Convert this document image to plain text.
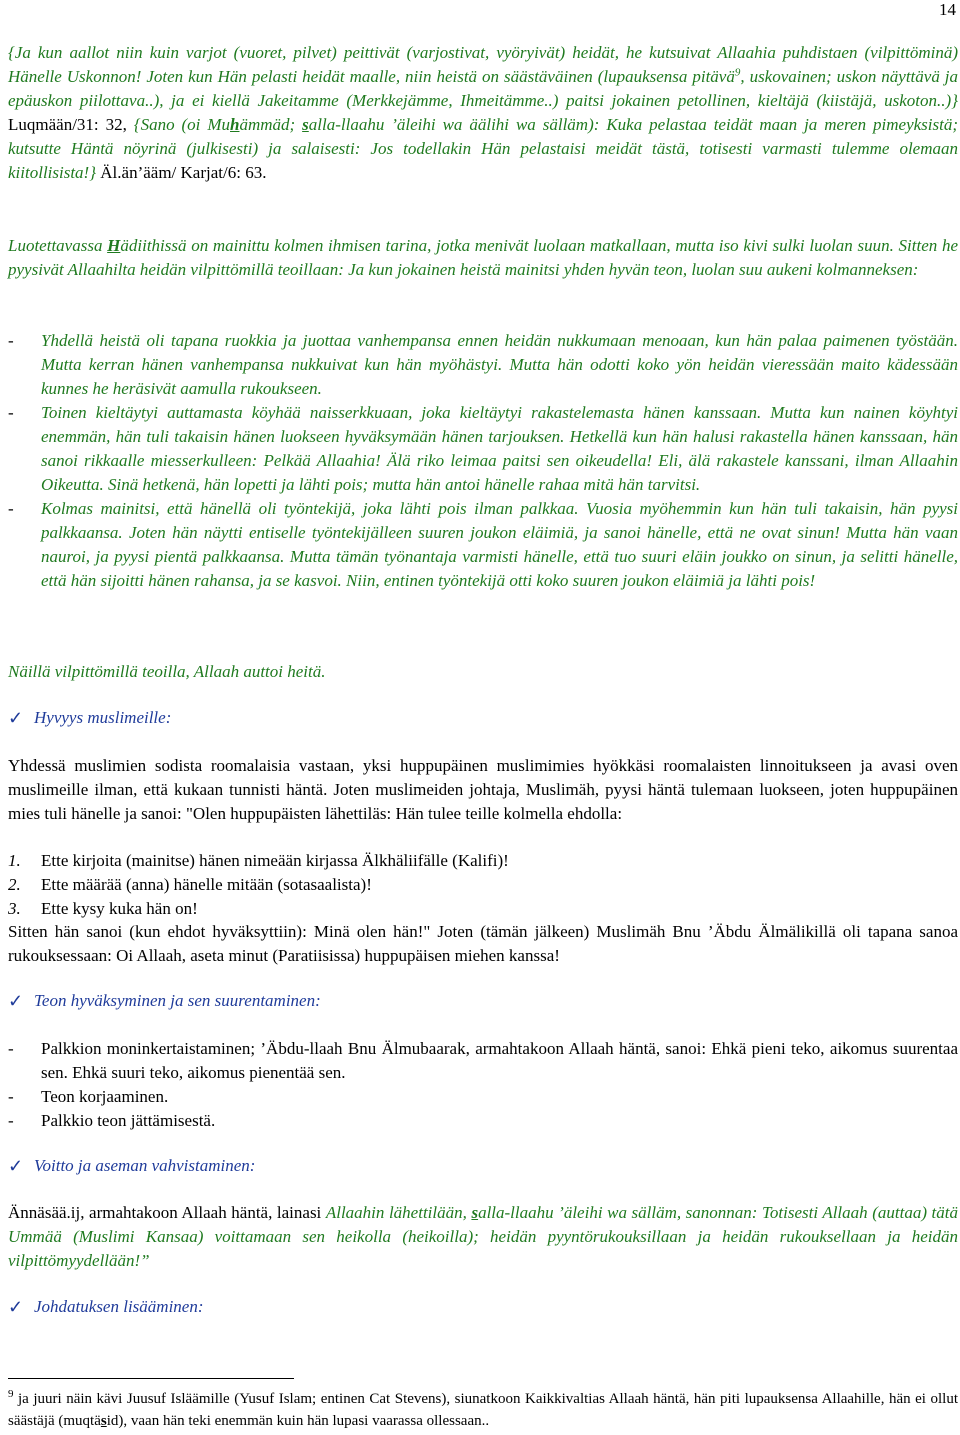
14

{Ja kun aallot niin kuin varjot (vuoret, pilvet) peittivät (varjostivat, vyöryivät) heidät, he kutsuivat Allaahia puhdistaen (vilpittöminä) Hänelle Uskonnon! Joten kun Hän pelasti heidät maalle, niin heistä on säästäväinen (lupauksensa pitävä$^9$, uskovainen; uskon näyttävä ja epäuskon piilottava..), ja ei kiellä Jakeitamme (Merkkejämme, Ihmeitämme..) paitsi jokainen petollinen, kieltäjä (kiistäjä, uskoton..)} Luqmään/31: 32, {Sano (oi Muhämmäd; salla-llaahu ’äleihi wa äälihi wa sälläm): Kuka pelastaa teidät maan ja meren pimeyksistä; kutsutte Häntä nöyrinä (julkisesti) ja salaisesti: Jos todellakin Hän pelastaisi meidät tästä, totisesti varmasti tulemme olemaan kiitollisista!} Äl.än’ääm/ Karjat/6: 63.

Luotettavassa Hädiithissä on mainittu kolmen ihmisen tarina, jotka menivät luolaan matkallaan, mutta iso kivi sulki luolan suun. Sitten he pyysivät Allaahilta heidän vilpittömillä teoillaan: Ja kun jokainen heistä mainitsi yhden hyvän teon, luolan suu aukeni kolmanneksen:

- Yhdellä heistä oli tapana ruokkia ja juottaa vanhempansa ennen heidän nukkumaan menoaan, kun hän palaa paimenen työstään. Mutta kerran hänen vanhempansa nukkuivat kun hän myöhästyi. Mutta hän odotti koko yön heidän vieressään maito kädessään kunnes he heräsivät aamulla rukoukseen.
- Toinen kieltäytyi auttamasta köyhää naisserkkuaan, joka kieltäytyi rakastelemasta hänen kanssaan. Mutta kun nainen köyhtyi enemmän, hän tuli takaisin hänen luokseen hyväksymään hänen tarjouksen. Hetkellä kun hän halusi rakastella hänen kanssaan, hän sanoi rikkaalle miesserkulleen: Pelkää Allaahia! Älä riko leimaa paitsi sen oikeudella! Eli, älä rakastele kanssani, ilman Allaahin Oikeutta. Sinä hetkenä, hän lopetti ja lähti pois; mutta hän antoi hänelle rahaa mitä hän tarvitsi.
- Kolmas mainitsi, että hänellä oli työntekijä, joka lähti pois ilman palkkaa. Vuosia myöhemmin kun hän tuli takaisin, hän pyysi palkkaansa. Joten hän näytti entiselle työntekijälleen suuren joukon eläimiä, ja sanoi hänelle, että ne ovat sinun! Mutta hän vaan nauroi, ja pyysi pientä palkkaansa. Mutta tämän työnantaja varmisti hänelle, että tuo suuri eläin joukko on sinun, ja selitti hänelle, että hän sijoitti hänen rahansa, ja se kasvoi. Niin, entinen työntekijä otti koko suuren joukon eläimiä ja lähti pois!

Näillä vilpittömillä teoilla, Allaah auttoi heitä.

✓ Hyvyys muslimeille:

Yhdessä muslimien sodista roomalaisia vastaan, yksi huppupäinen muslimimies hyökkäsi roomalaisten linnoitukseen ja avasi oven muslimeille ilman, että kukaan tunnisti häntä. Joten muslimeiden johtaja, Muslimäh, pyysi häntä tulemaan luokseen, joten huppupäinen mies tuli hänelle ja sanoi: "Olen huppupäisten lähettiläs: Hän tulee teille kolmella ehdolla:

1. Ette kirjoita (mainitse) hänen nimeään kirjassa Älkhäliifälle (Kalifi)!
2. Ette määrää (anna) hänelle mitään (sotasaalista)!
3. Ette kysy kuka hän on!

Sitten hän sanoi (kun ehdot hyväksyttiin): Minä olen hän!" Joten (tämän jälkeen) Muslimäh Bnu ’Äbdu Älmälikillä oli tapana sanoa rukouksessaan: Oi Allaah, aseta minut (Paratiisissa) huppupäisen miehen kanssa!

✓ Teon hyväksyminen ja sen suurentaminen:
- Palkkion moninkertaistaminen; ’Äbdu-llaah Bnu Älmubaarak, armahtakoon Allaah häntä, sanoi: Ehkä pieni teko, aikomus suurentaa sen. Ehkä suuri teko, aikomus pienentää sen.
- Teon korjaaminen.
- Palkkio teon jättämisestä.
✓ Voitto ja aseman vahvistaminen:

Ännäsää.ij, armahtakoon Allaah häntä, lainasi Allaahin lähettilään, salla-llaahu ’äleihi wa sälläm, sanonnan: Totisesti Allaah (auttaa) tätä Ummää (Muslimi Kansaa) voittamaan sen heikolla (heikoilla); heidän pyyntörukouksillaan ja heidän rukouksellaan ja heidän vilpittömyydellään!”

✓ Johdatuksen lisääminen:

$^9$ ja juuri näin kävi Juusuf Isläämille (Yusuf Islam; entinen Cat Stevens), siunatkoon Kaikkivaltias Allaah häntä, hän piti lupauksensa Allaahille, hän ei ollut säästäjä (muqtäsid), vaan hän teki enemmän kuin hän lupasi vaarassa ollessaan..
